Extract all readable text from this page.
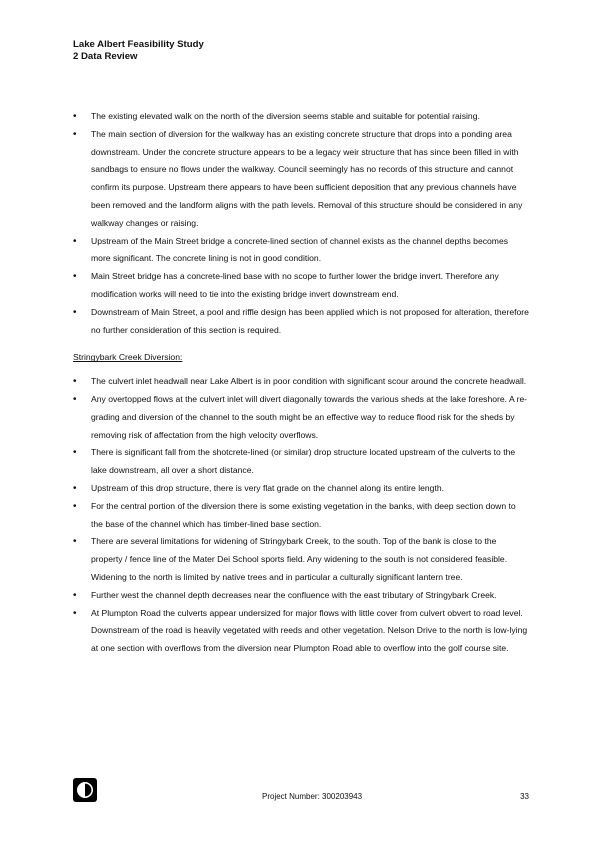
Lake Albert Feasibility Study
2 Data Review
• The existing elevated walk on the north of the diversion seems stable and suitable for potential raising.
• The main section of diversion for the walkway has an existing concrete structure that drops into a ponding area downstream. Under the concrete structure appears to be a legacy weir structure that has since been filled in with sandbags to ensure no flows under the walkway. Council seemingly has no records of this structure and cannot confirm its purpose. Upstream there appears to have been sufficient deposition that any previous channels have been removed and the landform aligns with the path levels. Removal of this structure should be considered in any walkway changes or raising.
• Upstream of the Main Street bridge a concrete-lined section of channel exists as the channel depths becomes more significant. The concrete lining is not in good condition.
• Main Street bridge has a concrete-lined base with no scope to further lower the bridge invert. Therefore any modification works will need to tie into the existing bridge invert downstream end.
• Downstream of Main Street, a pool and riffle design has been applied which is not proposed for alteration, therefore no further consideration of this section is required.
Stringybark Creek Diversion:
• The culvert inlet headwall near Lake Albert is in poor condition with significant scour around the concrete headwall.
• Any overtopped flows at the culvert inlet will divert diagonally towards the various sheds at the lake foreshore. A re-grading and diversion of the channel to the south might be an effective way to reduce flood risk for the sheds by removing risk of affectation from the high velocity overflows.
• There is significant fall from the shotcrete-lined (or similar) drop structure located upstream of the culverts to the lake downstream, all over a short distance.
• Upstream of this drop structure, there is very flat grade on the channel along its entire length.
• For the central portion of the diversion there is some existing vegetation in the banks, with deep section down to the base of the channel which has timber-lined base section.
• There are several limitations for widening of Stringybark Creek, to the south. Top of the bank is close to the property / fence line of the Mater Dei School sports field. Any widening to the south is not considered feasible. Widening to the north is limited by native trees and in particular a culturally significant lantern tree.
• Further west the channel depth decreases near the confluence with the east tributary of Stringybark Creek.
• At Plumpton Road the culverts appear undersized for major flows with little cover from culvert obvert to road level. Downstream of the road is heavily vegetated with reeds and other vegetation. Nelson Drive to the north is low-lying at one section with overflows from the diversion near Plumpton Road able to overflow into the golf course site.
Project Number: 300203943	33
